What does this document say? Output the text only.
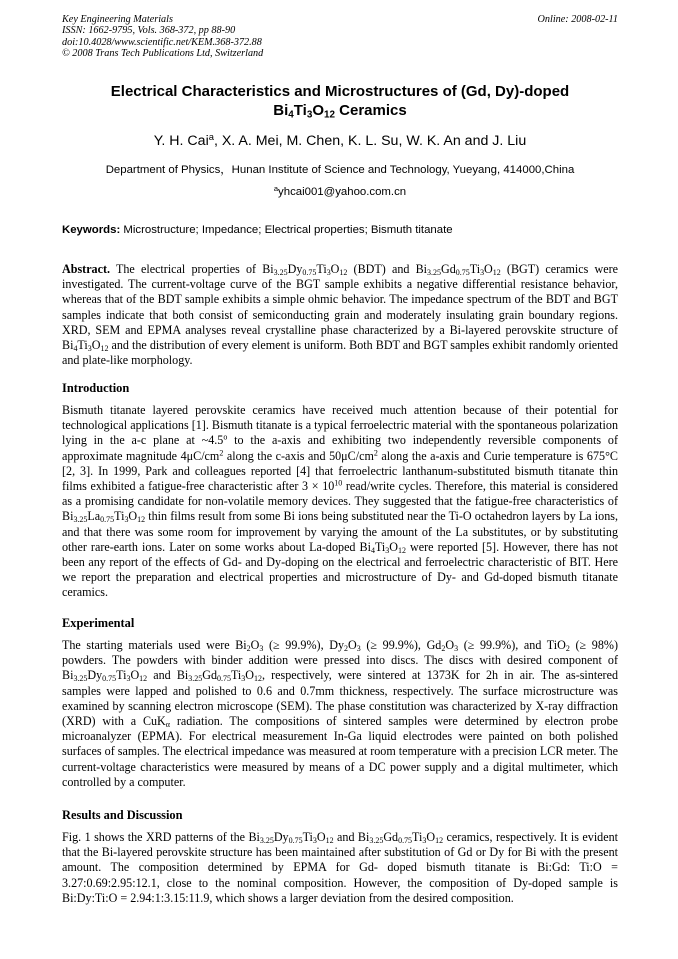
Key Engineering Materials
ISSN: 1662-9795, Vols. 368-372, pp 88-90
doi:10.4028/www.scientific.net/KEM.368-372.88
© 2008 Trans Tech Publications Ltd, Switzerland
Online: 2008-02-11
Electrical Characteristics and Microstructures of (Gd, Dy)-doped
$Bi_4Ti_3O_{12}$ Ceramics
Y. H. Cai$^a$, X. A. Mei, M. Chen, K. L. Su, W. K. An and J. Liu
Department of Physics，Hunan Institute of Science and Technology, Yueyang, 414000,China
$^a$yhcai001@yahoo.com.cn
Keywords: Microstructure; Impedance; Electrical properties; Bismuth titanate

Abstract. The electrical properties of $Bi_{3.25}Dy_{0.75}Ti_3O_{12}$ (BDT) and $Bi_{3.25}Gd_{0.75}Ti_3O_{12}$ (BGT) ceramics were investigated. The current-voltage curve of the BGT sample exhibits a negative differential resistance behavior, whereas that of the BDT sample exhibits a simple ohmic behavior. The impedance spectrum of the BDT and BGT samples indicate that both consist of semiconducting grain and moderately insulating grain boundary regions. XRD, SEM and EPMA analyses reveal crystalline phase characterized by a Bi-layered perovskite structure of $Bi_4Ti_3O_{12}$ and the distribution of every element is uniform. Both BDT and BGT samples exhibit randomly oriented and plate-like morphology.

Introduction

Bismuth titanate layered perovskite ceramics have received much attention because of their potential for technological applications [1]. Bismuth titanate is a typical ferroelectric material with the spontaneous polarization lying in the a-c plane at ~4.5$^o$ to the a-axis and exhibiting two independently reversible components of approximate magnitude $4\mu C/cm^2$ along the c-axis and $50\mu C/cm^2$ along the a-axis and Curie temperature is 675°C [2, 3]. In 1999, Park and colleagues reported [4] that ferroelectric lanthanum-substituted bismuth titanate thin films exhibited a fatigue-free characteristic after $3 \times 10^{10}$ read/write cycles. Therefore, this material is considered as a promising candidate for non-volatile memory devices. They suggested that the fatigue-free characteristics of $Bi_{3.25}La_{0.75}Ti_3O_{12}$ thin films result from some Bi ions being substituted near the Ti-O octahedron layers by La ions, and that there was some room for improvement by varying the amount of the La substitutes, or by substituting other rare-earth ions. Later on some works about La-doped $Bi_4Ti_3O_{12}$ were reported [5]. However, there has not been any report of the effects of Gd- and Dy-doping on the electrical and ferroelectric characteristic of BIT. Here we report the preparation and electrical properties and microstructure of Dy- and Gd-doped bismuth titanate ceramics.

Experimental

The starting materials used were $Bi_2O_3$ (≥ 99.9%), $Dy_2O_3$ (≥ 99.9%), $Gd_2O_3$ (≥ 99.9%), and TiO$_2$ (≥ 98%) powders. The powders with binder addition were pressed into discs. The discs with desired component of $Bi_{3.25}Dy_{0.75}Ti_3O_{12}$ and $Bi_{3.25}Gd_{0.75}Ti_3O_{12}$, respectively, were sintered at 1373K for 2h in air. The as-sintered samples were lapped and polished to 0.6 and 0.7mm thickness, respectively. The surface microstructure was examined by scanning electron microscope (SEM). The phase constitution was characterized by X-ray diffraction (XRD) with a CuK$_\alpha$ radiation. The compositions of sintered samples were determined by electron probe microanalyzer (EPMA). For electrical measurement In-Ga liquid electrodes were painted on both polished surfaces of samples. The electrical impedance was measured at room temperature with a precision LCR meter. The current-voltage characteristics were measured by means of a DC power supply and a digital multimeter, which controlled by a computer.

Results and Discussion

Fig. 1 shows the XRD patterns of the $Bi_{3.25}Dy_{0.75}Ti_3O_{12}$ and $Bi_{3.25}Gd_{0.75}Ti_3O_{12}$ ceramics, respectively. It is evident that the Bi-layered perovskite structure has been maintained after substitution of Gd or Dy for Bi with the present amount. The composition determined by EPMA for Gd- doped bismuth titanate is Bi:Gd: Ti:O = 3.27:0.69:2.95:12.1, close to the nominal composition. However, the composition of Dy-doped sample is Bi:Dy:Ti:O = 2.94:1:3.15:11.9, which shows a larger deviation from the desired composition.
